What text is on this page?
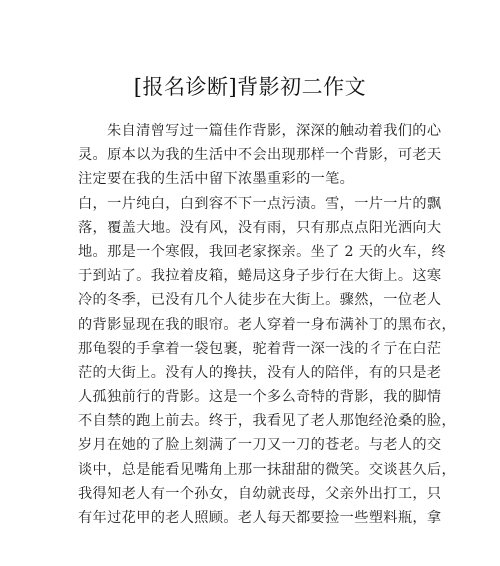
[报名诊断]背影初二作文
朱自清曾写过一篇佳作背影，深深的触动着我们的心
灵。原本以为我的生活中不会出现那样一个背影，可老天
注定要在我的生活中留下浓墨重彩的一笔。
白，一片纯白，白到容不下一点污渍。雪，一片一片的飘
落，覆盖大地。没有风，没有雨，只有那点点阳光洒向大
地。那是一个寒假，我回老家探亲。坐了 2 天的火车，终
于到站了。我拉着皮箱，蜷局这身子步行在大街上。这寒
冷的冬季，已没有几个人徒步在大街上。骤然，一位老人
的背影显现在我的眼帘。老人穿着一身布满补丁的黑布衣，
那龟裂的手拿着一袋包裹，驼着背一深一浅的彳亍在白茫
茫的大街上。没有人的搀扶，没有人的陪伴，有的只是老
人孤独前行的背影。这是一个多么奇特的背影，我的脚情
不自禁的跑上前去。终于，我看见了老人那饱经沧桑的脸，
岁月在她的了脸上刻满了一刀又一刀的苍老。与老人的交
谈中，总是能看见嘴角上那一抹甜甜的微笑。交谈甚久后，
我得知老人有一个孙女，自幼就丧母，父亲外出打工，只
有年过花甲的老人照顾。老人每天都要捡一些塑料瓶，拿
